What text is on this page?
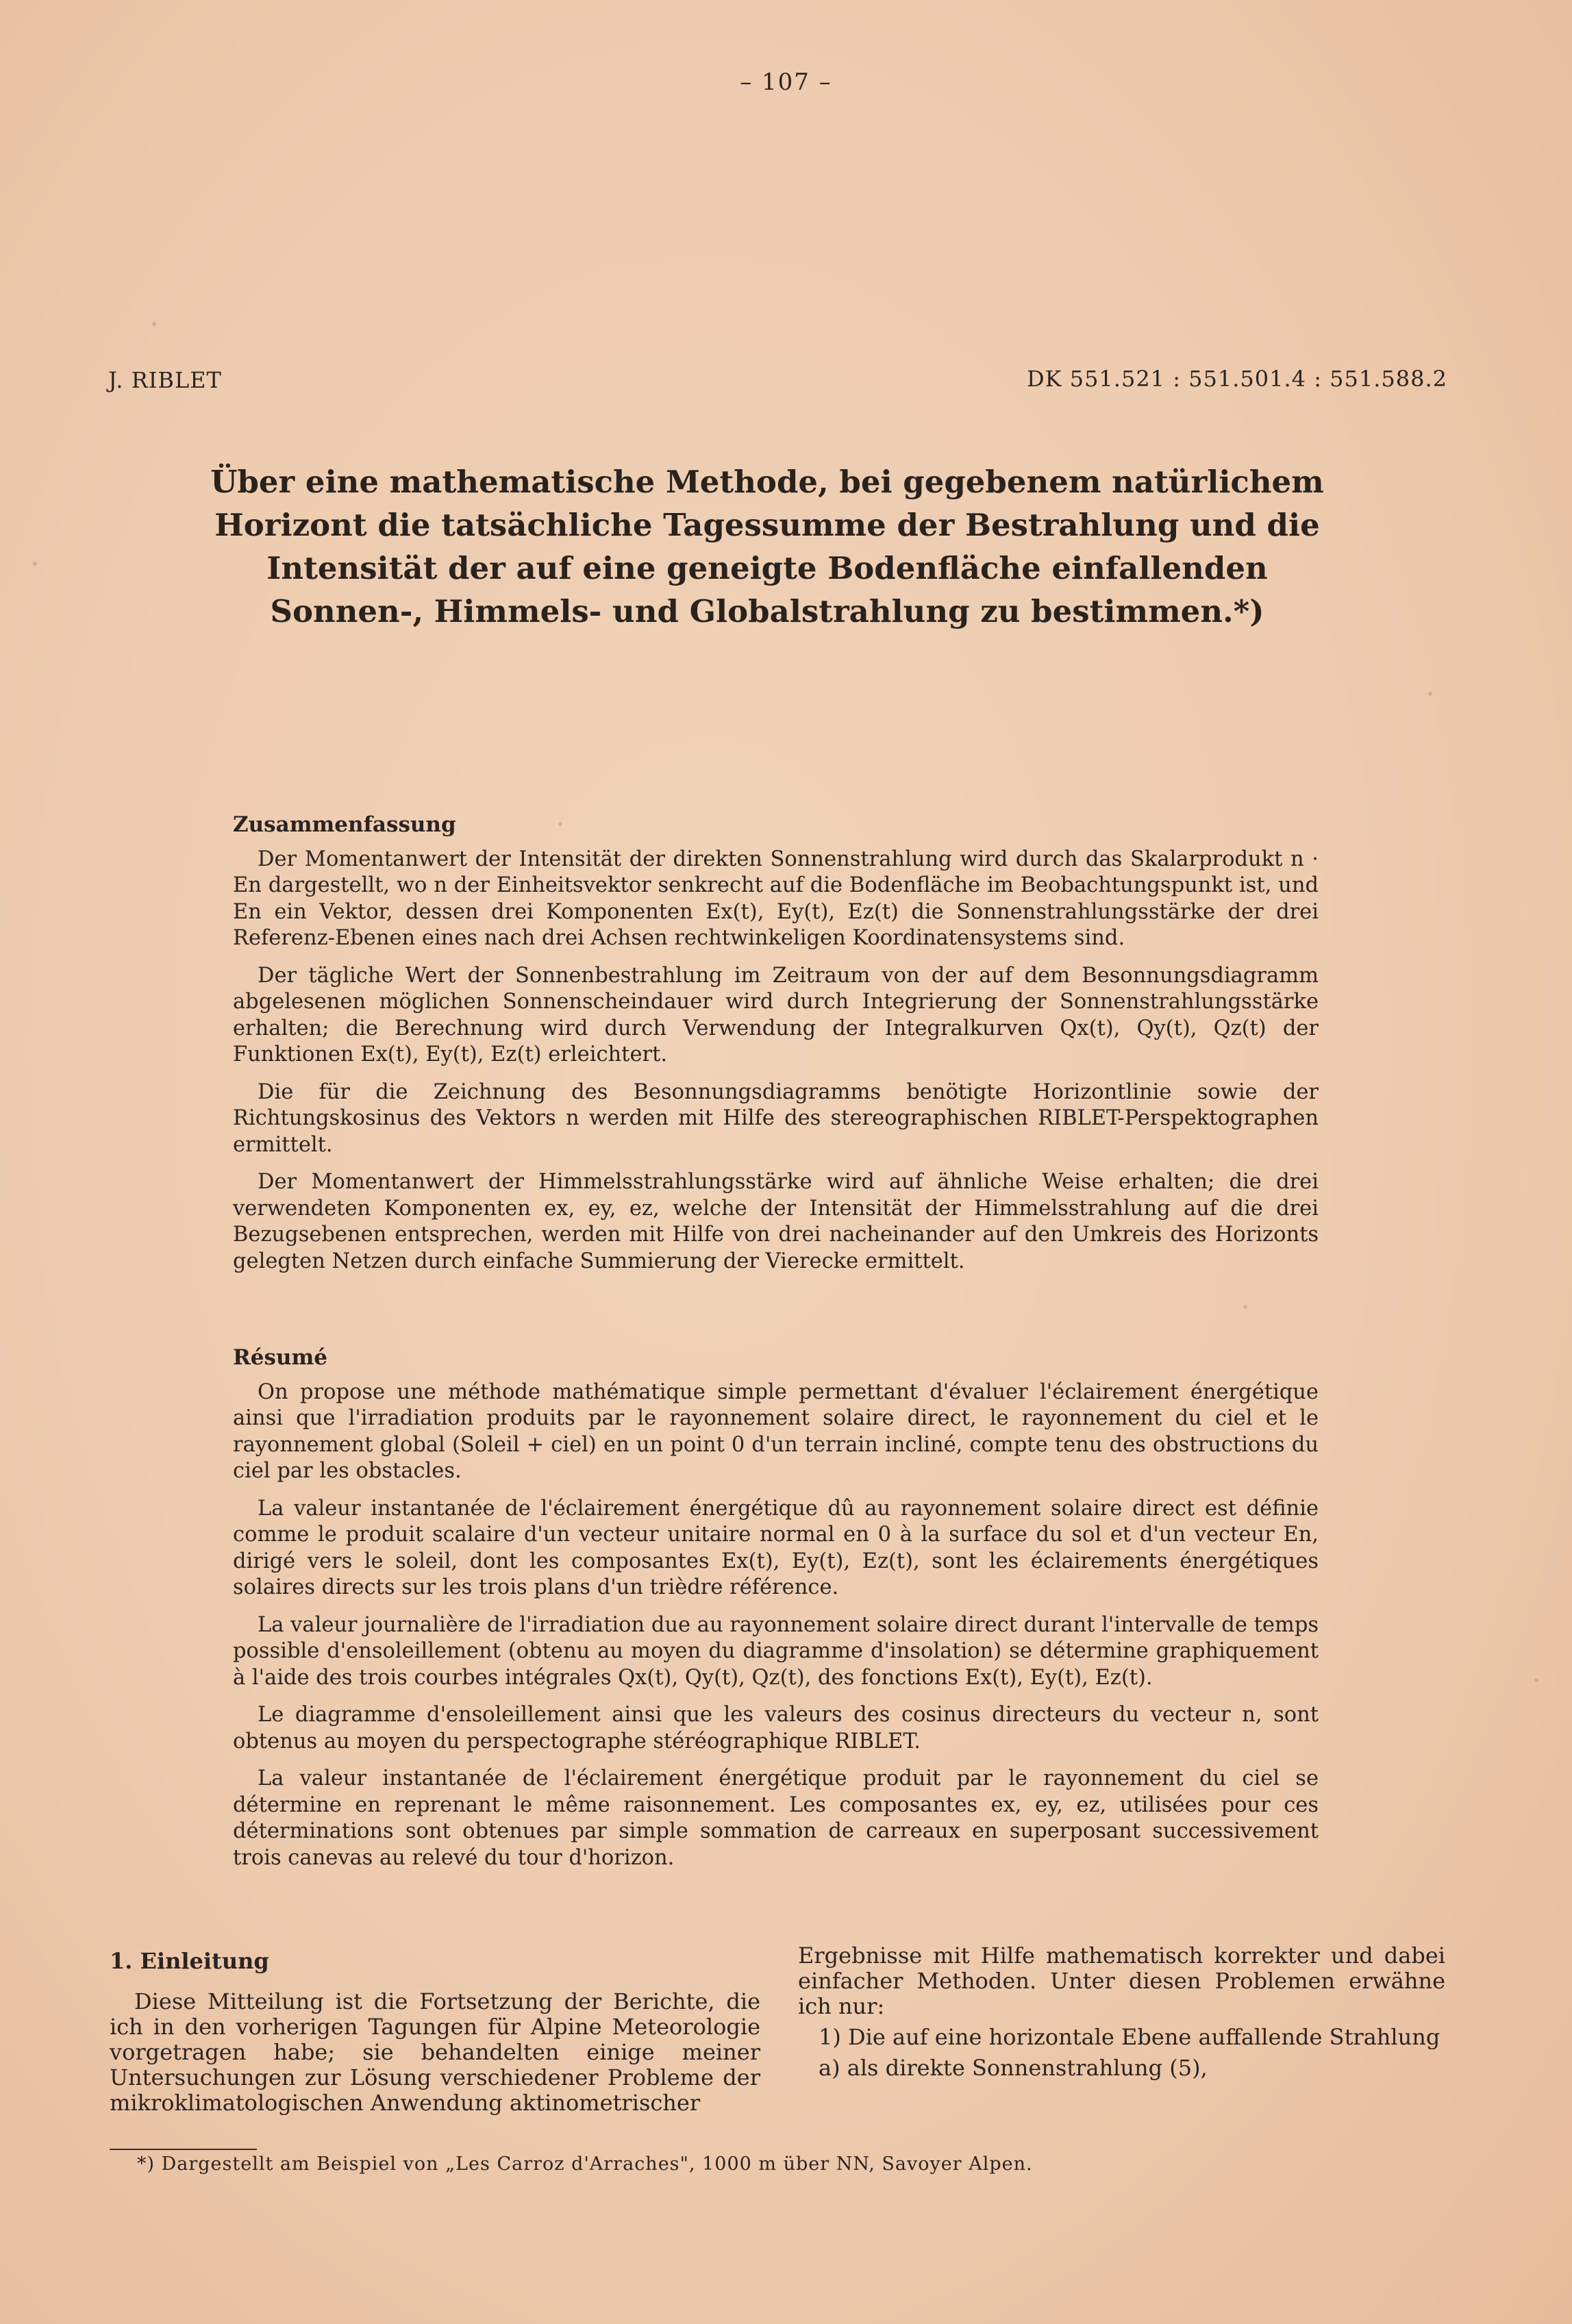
– 107 –
J. RIBLET	DK 551.521 : 551.501.4 : 551.588.2
Über eine mathematische Methode, bei gegebenem natürlichem
Horizont die tatsächliche Tagessumme der Bestrahlung und die
Intensität der auf eine geneigte Bodenfläche einfallenden
Sonnen-, Himmels- und Globalstrahlung zu bestimmen.*)
Zusammenfassung

Der Momentanwert der Intensität der direkten Sonnenstrahlung wird durch das Skalarprodukt n · En dargestellt, wo n der Einheitsvektor senkrecht auf die Bodenfläche im Beobachtungspunkt ist, und En ein Vektor, dessen drei Komponenten Ex(t), Ey(t), Ez(t) die Sonnenstrahlungsstärke der drei Referenz-Ebenen eines nach drei Achsen rechtwinkeligen Koordinatensystems sind.

Der tägliche Wert der Sonnenbestrahlung im Zeitraum von der auf dem Besonnungsdiagramm abgelesenen möglichen Sonnenscheindauer wird durch Integrierung der Sonnenstrahlungsstärke erhalten; die Berechnung wird durch Verwendung der Integralkurven Qx(t), Qy(t), Qz(t) der Funktionen Ex(t), Ey(t), Ez(t) erleichtert.

Die für die Zeichnung des Besonnungsdiagramms benötigte Horizontlinie sowie der Richtungskosinus des Vektors n werden mit Hilfe des stereographischen RIBLET-Perspektographen ermittelt.

Der Momentanwert der Himmelsstrahlungsstärke wird auf ähnliche Weise erhalten; die drei verwendeten Komponenten ex, ey, ez, welche der Intensität der Himmelsstrahlung auf die drei Bezugsebenen entsprechen, werden mit Hilfe von drei nacheinander auf den Umkreis des Horizonts gelegten Netzen durch einfache Summierung der Vierecke ermittelt.

Résumé

On propose une méthode mathématique simple permettant d'évaluer l'éclairement énergétique ainsi que l'irradiation produits par le rayonnement solaire direct, le rayonnement du ciel et le rayonnement global (Soleil + ciel) en un point 0 d'un terrain incliné, compte tenu des obstructions du ciel par les obstacles.

La valeur instantanée de l'éclairement énergétique dû au rayonnement solaire direct est définie comme le produit scalaire d'un vecteur unitaire normal en 0 à la surface du sol et d'un vecteur En, dirigé vers le soleil, dont les composantes Ex(t), Ey(t), Ez(t), sont les éclairements énergétiques solaires directs sur les trois plans d'un trièdre référence.

La valeur journalière de l'irradiation due au rayonnement solaire direct durant l'intervalle de temps possible d'ensoleillement (obtenu au moyen du diagramme d'insolation) se détermine graphiquement à l'aide des trois courbes intégrales Qx(t), Qy(t), Qz(t), des fonctions Ex(t), Ey(t), Ez(t).

Le diagramme d'ensoleillement ainsi que les valeurs des cosinus directeurs du vecteur n, sont obtenus au moyen du perspectographe stéréographique RIBLET.

La valeur instantanée de l'éclairement énergétique produit par le rayonnement du ciel se détermine en reprenant le même raisonnement. Les composantes ex, ey, ez, utilisées pour ces déterminations sont obtenues par simple sommation de carreaux en superposant successivement trois canevas au relevé du tour d'horizon.

1. Einleitung

Diese Mitteilung ist die Fortsetzung der Berichte, die ich in den vorherigen Tagungen für Alpine Meteorologie vorgetragen habe; sie behandelten einige meiner Untersuchungen zur Lösung verschiedener Probleme der mikroklimatologischen Anwendung aktinometrischer

Ergebnisse mit Hilfe mathematisch korrekter und dabei einfacher Methoden. Unter diesen Problemen erwähne ich nur:

1) Die auf eine horizontale Ebene auffallende Strahlung

a) als direkte Sonnenstrahlung (5),

*) Dargestellt am Beispiel von „Les Carroz d'Arraches", 1000 m über NN, Savoyer Alpen.
